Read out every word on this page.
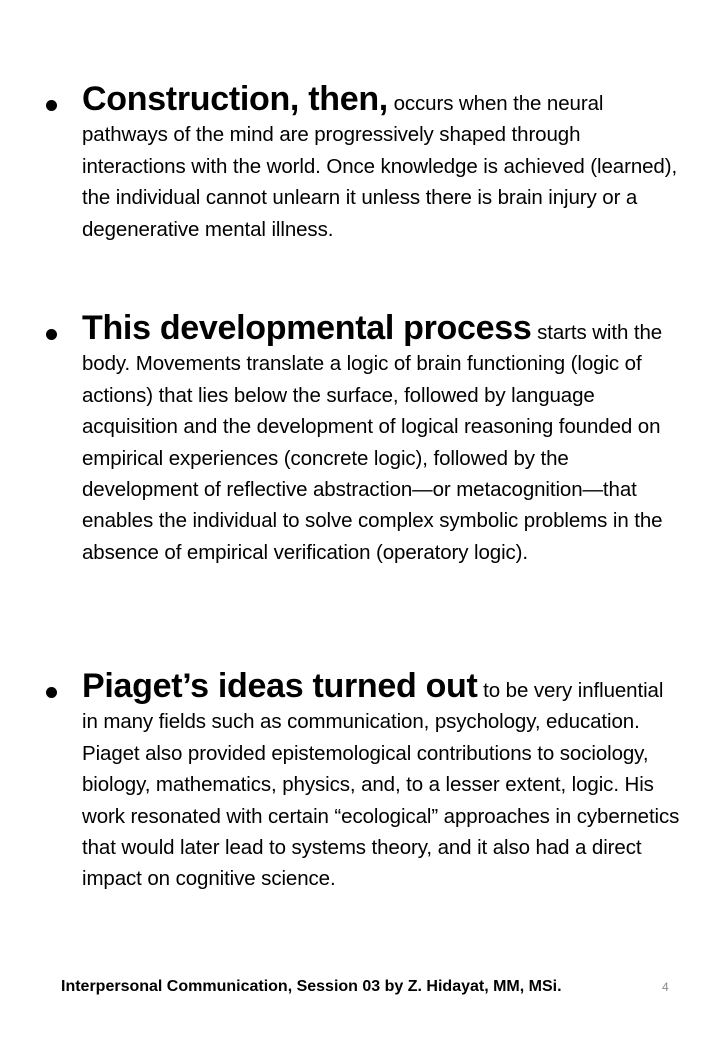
Construction, then, occurs when the neural pathways of the mind are progressively shaped through interactions with the world. Once knowledge is achieved (learned), the individual cannot unlearn it unless there is brain injury or a degenerative mental illness.
This developmental process starts with the body. Movements translate a logic of brain functioning (logic of actions) that lies below the surface, followed by language acquisition and the development of logical reasoning founded on empirical experiences (concrete logic), followed by the development of reflective abstraction—or metacognition—that enables the individual to solve complex symbolic problems in the absence of empirical verification (operatory logic).
Piaget’s ideas turned out to be very influential in many fields such as communication, psychology, education. Piaget also provided epistemological contributions to sociology, biology, mathematics, physics, and, to a lesser extent, logic. His work resonated with certain “ecological” approaches in cybernetics that would later lead to systems theory, and it also had a direct impact on cognitive science.
Interpersonal Communication, Session 03 by Z. Hidayat, MM, MSi.	4
